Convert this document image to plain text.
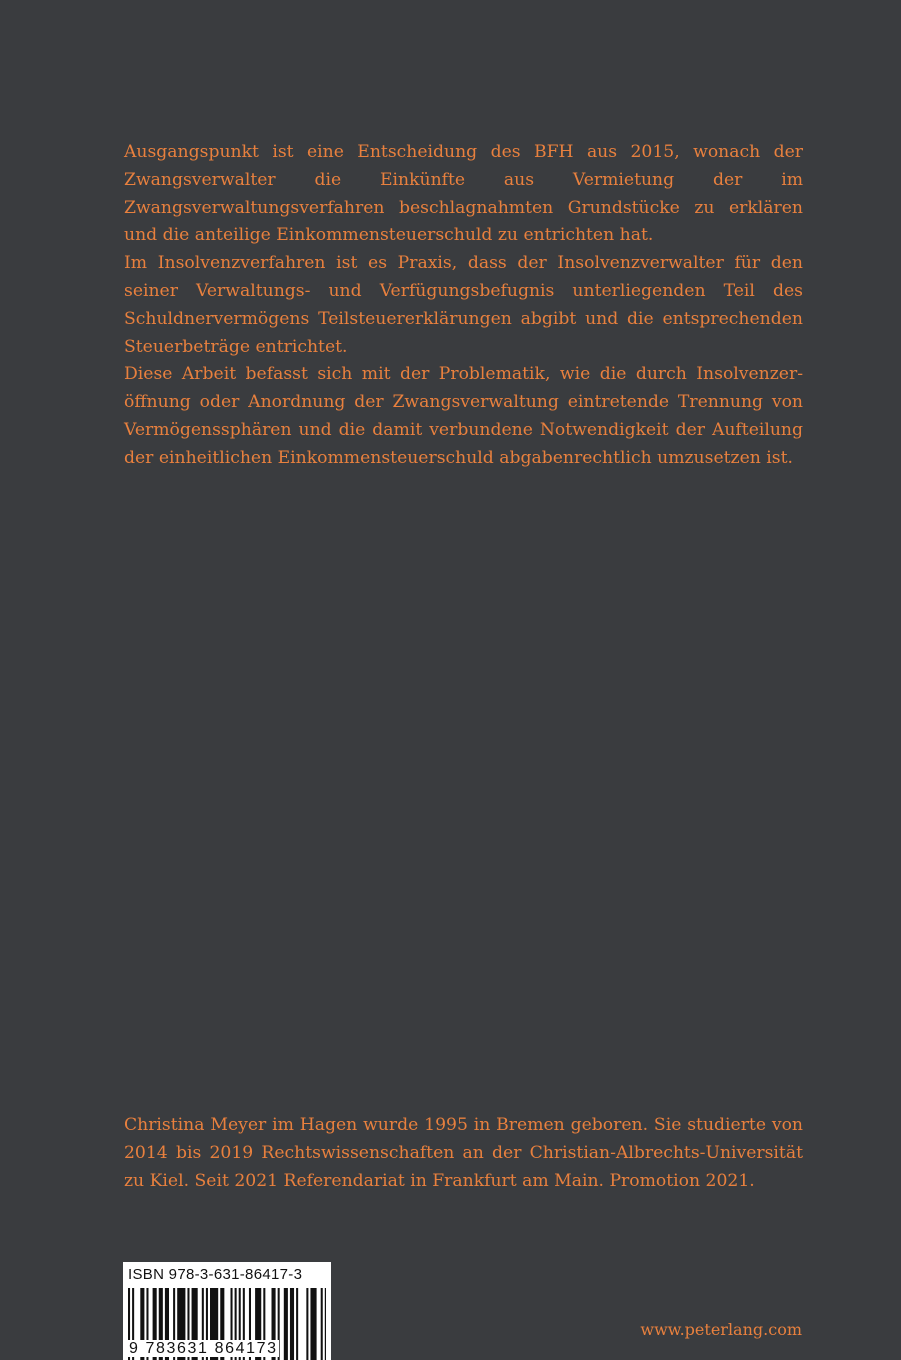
Ausgangspunkt ist eine Entscheidung des BFH aus 2015, wonach der Zwangsverwalter die Einkünfte aus Vermietung der im Zwangsverwaltungsverfahren beschlagnahmten Grundstücke zu erklären und die anteilige Einkommensteuerschuld zu entrichten hat.

Im Insolvenzverfahren ist es Praxis, dass der Insolvenzverwalter für den seiner Verwaltungs- und Verfügungsbefugnis unterliegenden Teil des Schuldnervermögens Teilsteuererklärungen abgibt und die entsprechenden Steuerbeträge entrichtet.

Diese Arbeit befasst sich mit der Problematik, wie die durch Insolvenzeröffnung oder Anordnung der Zwangsverwaltung eintretende Trennung von Vermögenssphären und die damit verbundene Notwendigkeit der Aufteilung der einheitlichen Einkommensteuerschuld abgabenrechtlich umzusetzen ist.

Christina Meyer im Hagen wurde 1995 in Bremen geboren. Sie studierte von 2014 bis 2019 Rechtswissenschaften an der Christian-Albrechts-Universität zu Kiel. Seit 2021 Referendariat in Frankfurt am Main. Promotion 2021.

ISBN 978-3-631-86417-3
9 783631 864173
www.peterlang.com
